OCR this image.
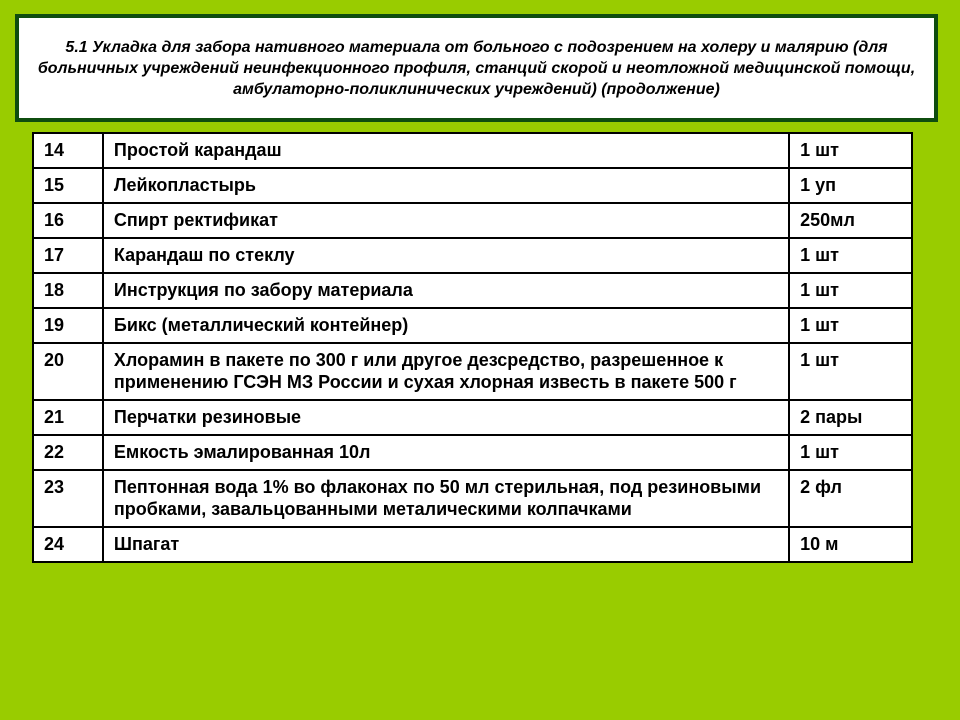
5.1 Укладка для забора нативного материала от больного с подозрением на холеру и малярию (для больничных учреждений неинфекционного профиля, станций скорой и неотложной медицинской помощи, амбулаторно-поликлинических учреждений) (продолжение)
14	Простой карандаш	1 шт
15	Лейкопластырь	1 уп
16	Спирт ректификат	250мл
17	Карандаш по стеклу	1 шт
18	Инструкция по забору материала	1 шт
19	Бикс (металлический контейнер)	1 шт
20	Хлорамин в пакете по 300 г или другое дезсредство, разрешенное к применению ГСЭН МЗ России и сухая хлорная известь в пакете 500 г	1 шт
21	Перчатки резиновые	2 пары
22	Емкость эмалированная 10л	1 шт
23	Пептонная вода 1% во флаконах по 50 мл стерильная, под резиновыми пробками, завальцованными металическими колпачками	2 фл
24	Шпагат	10 м
